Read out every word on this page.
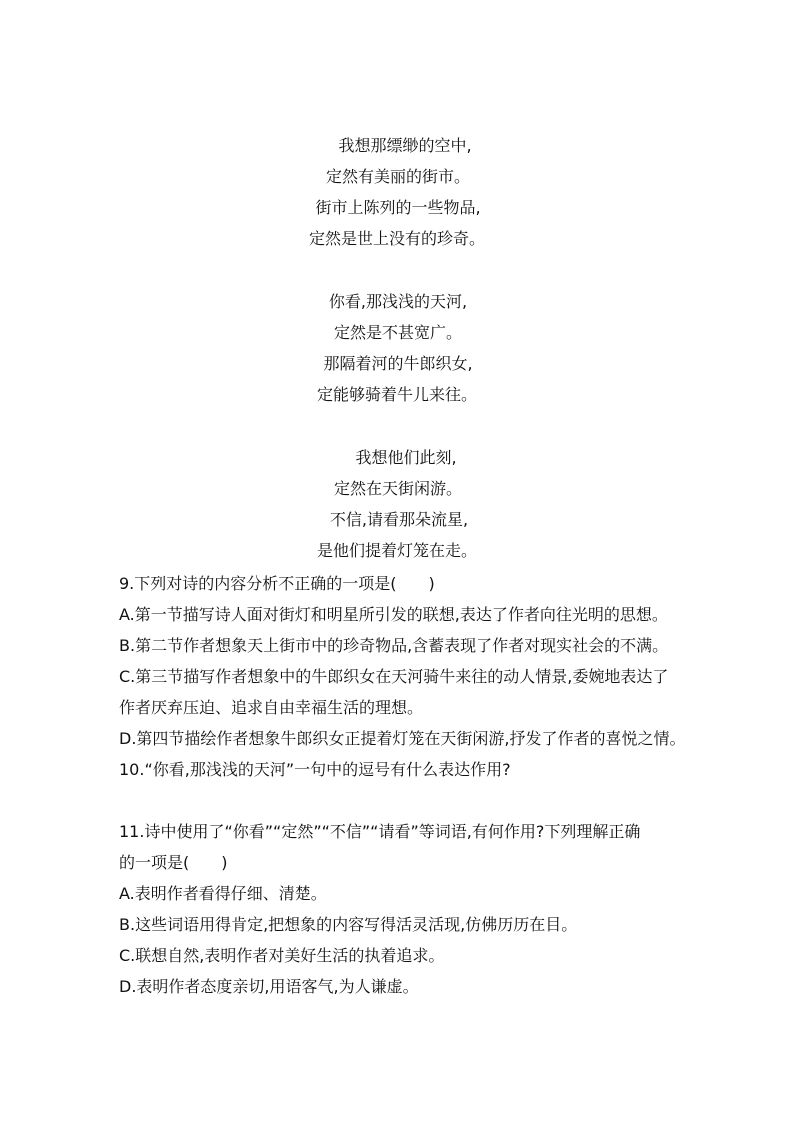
我想那缥缈的空中,
定然有美丽的街市。
街市上陈列的一些物品,
定然是世上没有的珍奇。
你看,那浅浅的天河,
定然是不甚宽广。
那隔着河的牛郎织女,
定能够骑着牛儿来往。
我想他们此刻,
定然在天街闲游。
不信,请看那朵流星,
是他们提着灯笼在走。
9.下列对诗的内容分析不正确的一项是(　　)
A.第一节描写诗人面对街灯和明星所引发的联想,表达了作者向往光明的思想。
B.第二节作者想象天上街市中的珍奇物品,含蓄表现了作者对现实社会的不满。
C.第三节描写作者想象中的牛郎织女在天河骑牛来往的动人情景,委婉地表达了
作者厌弃压迫、追求自由幸福生活的理想。
D.第四节描绘作者想象牛郎织女正提着灯笼在天街闲游,抒发了作者的喜悦之情。
10.“你看,那浅浅的天河”一句中的逗号有什么表达作用?
11.诗中使用了“你看”“定然”“不信”“请看”等词语,有何作用?下列理解正确
的一项是(　　)
A.表明作者看得仔细、清楚。
B.这些词语用得肯定,把想象的内容写得活灵活现,仿佛历历在目。
C.联想自然,表明作者对美好生活的执着追求。
D.表明作者态度亲切,用语客气,为人谦虚。
